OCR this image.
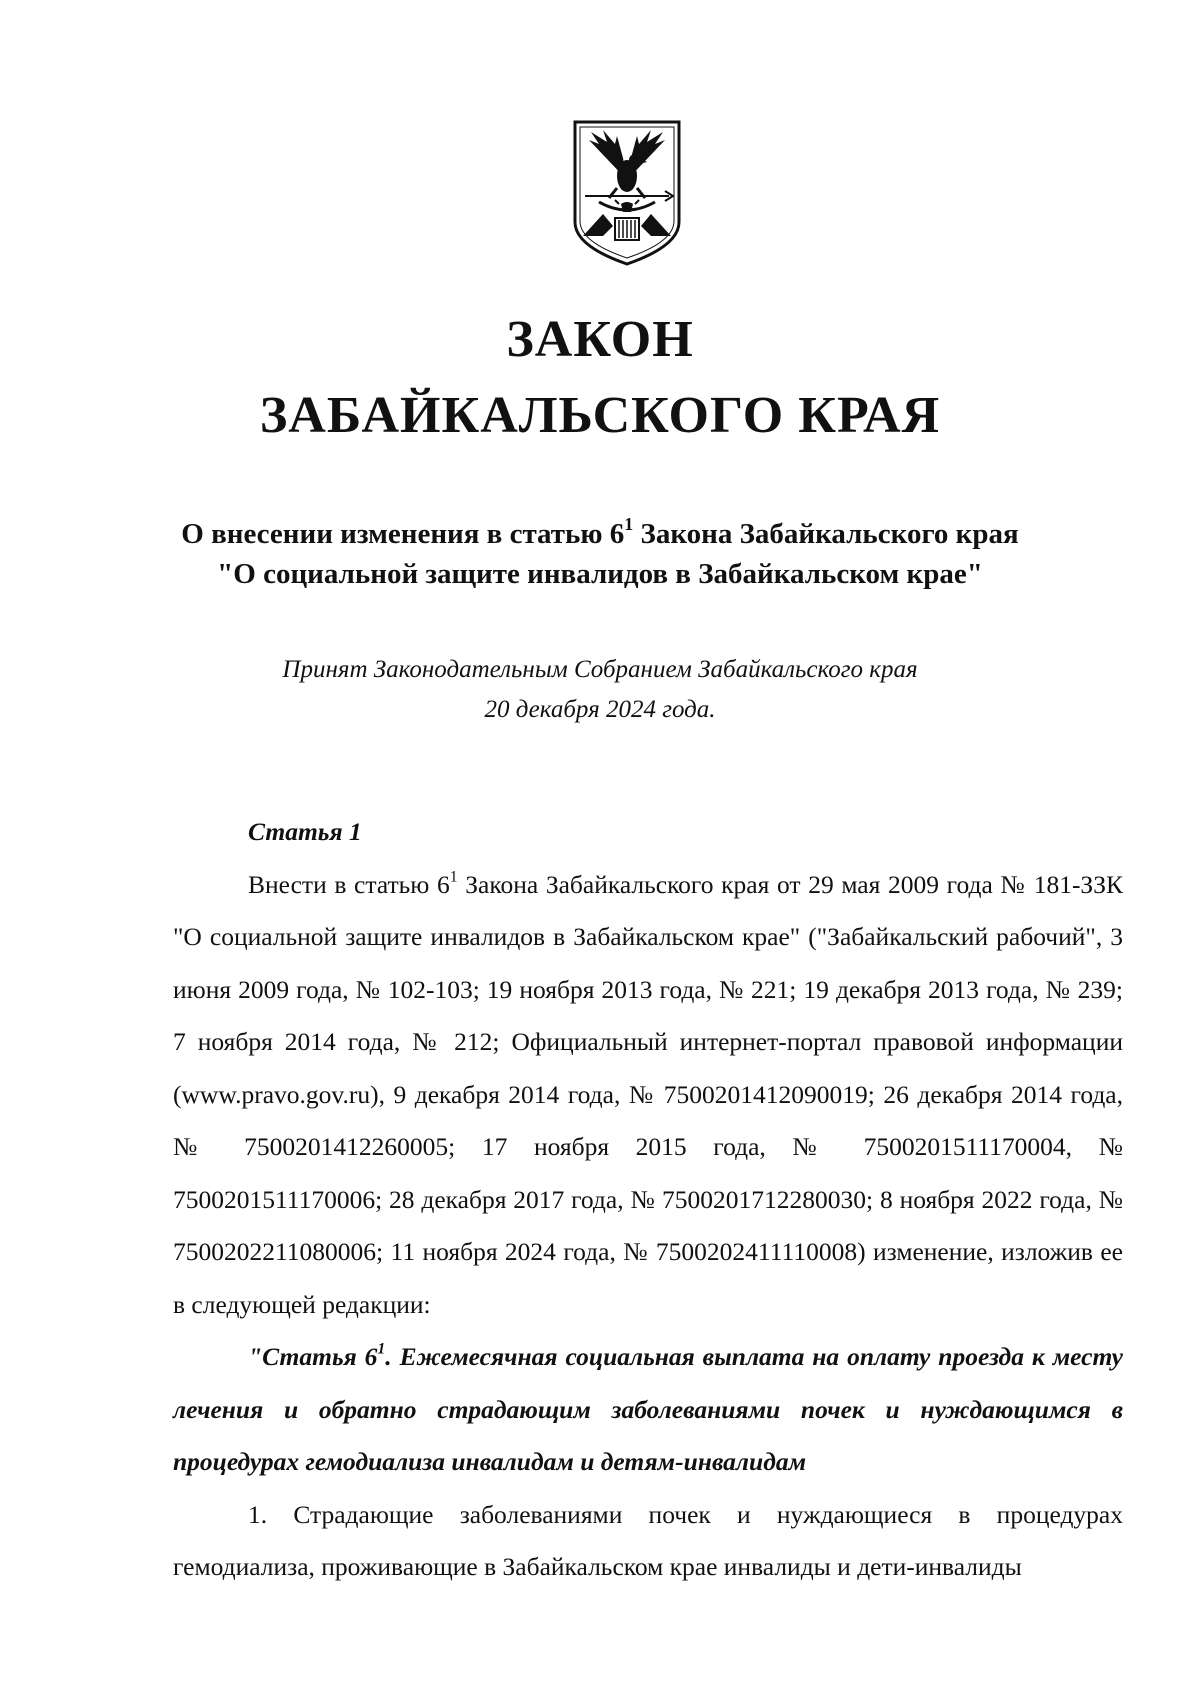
ЗАКОН
ЗАБАЙКАЛЬСКОГО КРАЯ
О внесении изменения в статью $6^1$ Закона Забайкальского края
"О социальной защите инвалидов в Забайкальском крае"
Принят Законодательным Собранием Забайкальского края
20 декабря 2024 года.

Статья 1

Внести в статью $6^1$ Закона Забайкальского края от 29 мая 2009 года № 181-ЗЗК "О социальной защите инвалидов в Забайкальском крае" ("Забайкальский рабочий", 3 июня 2009 года, № 102-103; 19 ноября 2013 года, № 221; 19 декабря 2013 года, № 239; 7 ноября 2014 года, № 212; Официальный интернет-портал правовой информации (www.pravo.gov.ru), 9 декабря 2014 года, № 7500201412090019; 26 декабря 2014 года, № 7500201412260005; 17 ноября 2015 года, № 7500201511170004, № 7500201511170006; 28 декабря 2017 года, № 7500201712280030; 8 ноября 2022 года, № 7500202211080006; 11 ноября 2024 года, № 7500202411110008) изменение, изложив ее в следующей редакции:

"Статья $6^1$. Ежемесячная социальная выплата на оплату проезда к месту лечения и обратно страдающим заболеваниями почек и нуждающимся в процедурах гемодиализа инвалидам и детям-инвалидам

1. Страдающие заболеваниями почек и нуждающиеся в процедурах гемодиализа, проживающие в Забайкальском крае инвалиды и дети-инвалиды
